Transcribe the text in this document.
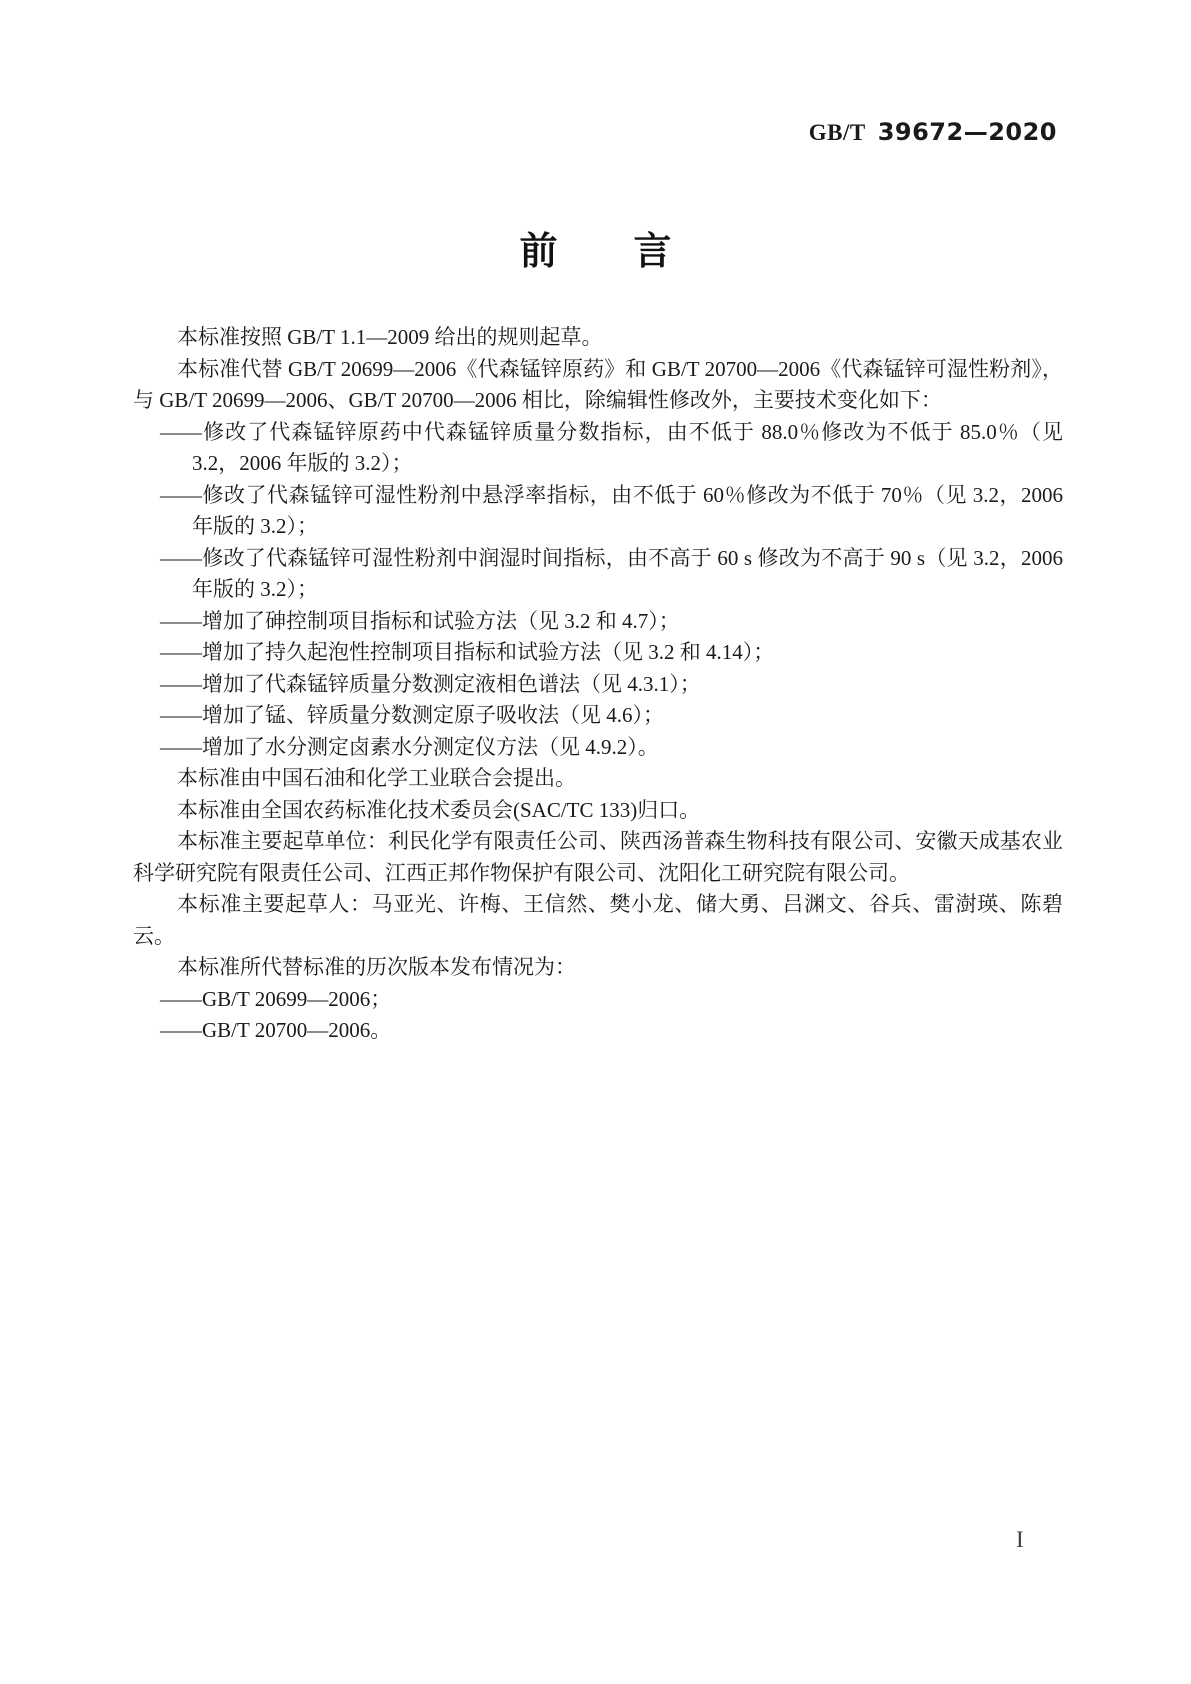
GB/T 39672—2020
前　　言

本标准按照 GB/T 1.1—2009 给出的规则起草。

本标准代替 GB/T 20699—2006《代森锰锌原药》和 GB/T 20700—2006《代森锰锌可湿性粉剂》，与 GB/T 20699—2006、GB/T 20700—2006 相比，除编辑性修改外，主要技术变化如下：

——修改了代森锰锌原药中代森锰锌质量分数指标，由不低于 88.0％修改为不低于 85.0％（见 3.2，2006 年版的 3.2）；

——修改了代森锰锌可湿性粉剂中悬浮率指标，由不低于 60％修改为不低于 70％（见 3.2，2006 年版的 3.2）；

——修改了代森锰锌可湿性粉剂中润湿时间指标，由不高于 60 s 修改为不高于 90 s（见 3.2，2006 年版的 3.2）；

——增加了砷控制项目指标和试验方法（见 3.2 和 4.7）；

——增加了持久起泡性控制项目指标和试验方法（见 3.2 和 4.14）；

——增加了代森锰锌质量分数测定液相色谱法（见 4.3.1）；

——增加了锰、锌质量分数测定原子吸收法（见 4.6）；

——增加了水分测定卤素水分测定仪方法（见 4.9.2）。

本标准由中国石油和化学工业联合会提出。

本标准由全国农药标准化技术委员会(SAC/TC 133)归口。

本标准主要起草单位：利民化学有限责任公司、陕西汤普森生物科技有限公司、安徽天成基农业科学研究院有限责任公司、江西正邦作物保护有限公司、沈阳化工研究院有限公司。

本标准主要起草人：马亚光、许梅、王信然、樊小龙、储大勇、吕渊文、谷兵、雷澍瑛、陈碧云。

本标准所代替标准的历次版本发布情况为：

——GB/T 20699—2006；

——GB/T 20700—2006。

I
